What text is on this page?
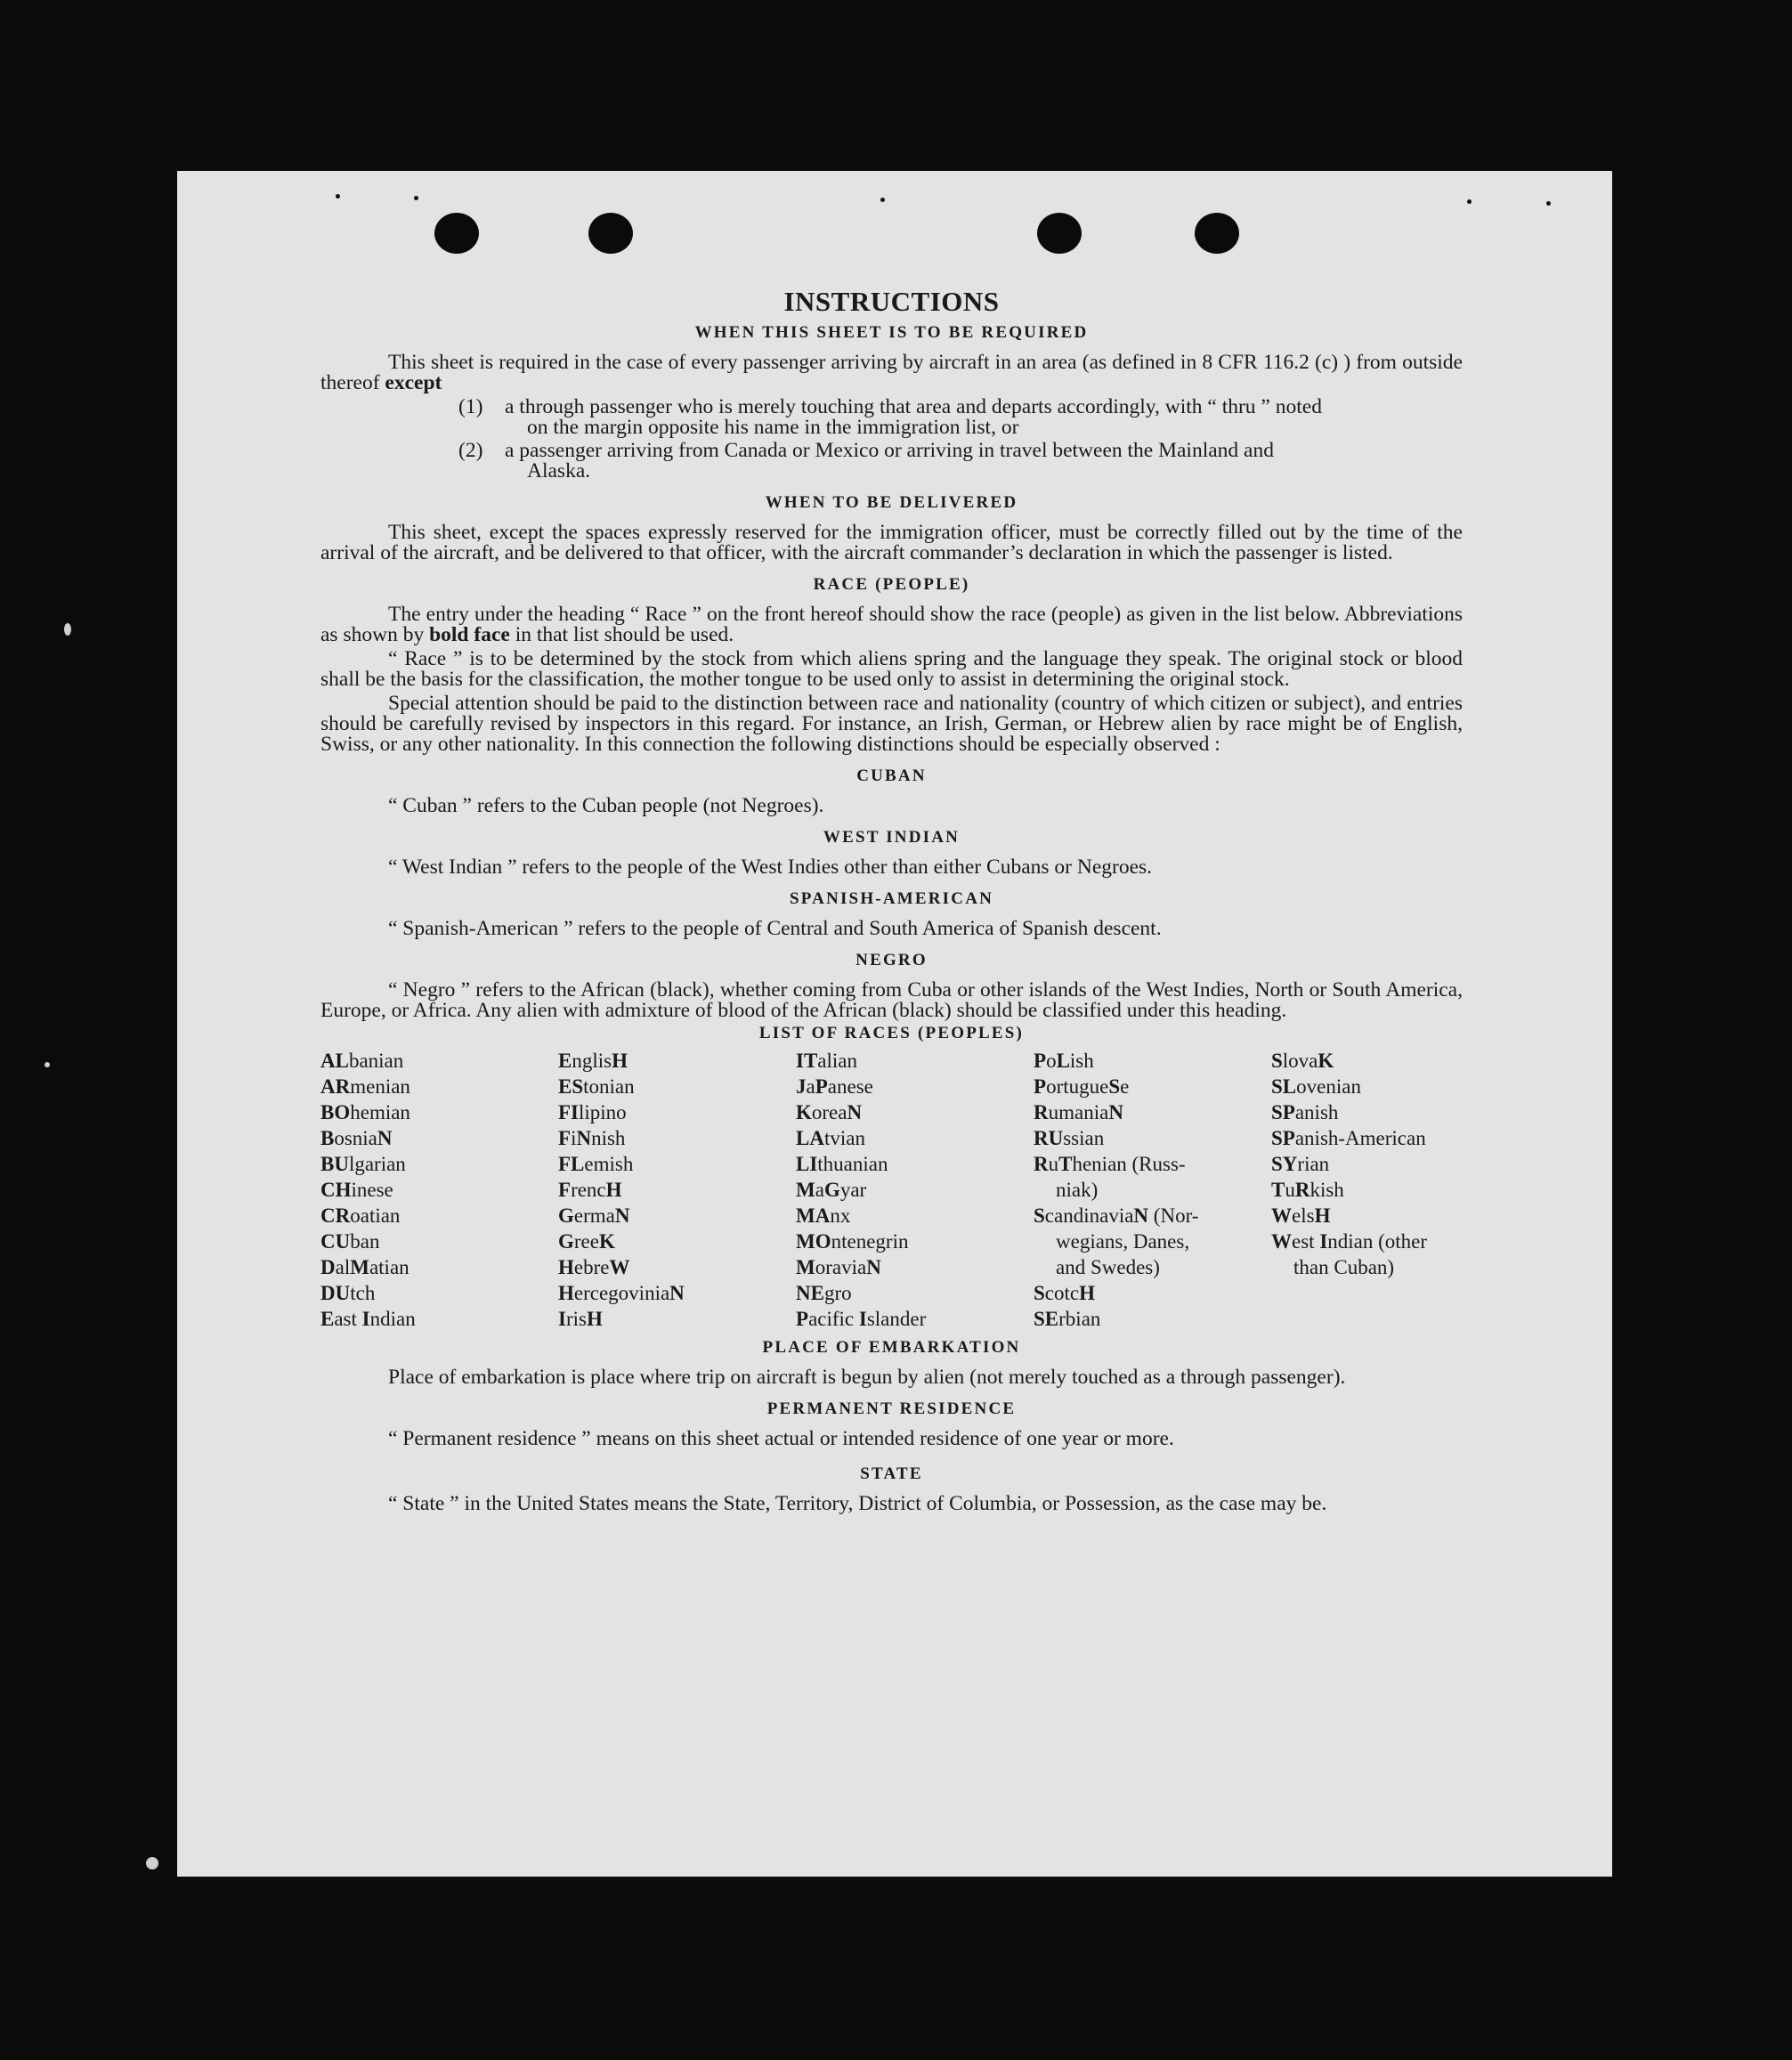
INSTRUCTIONS
WHEN THIS SHEET IS TO BE REQUIRED

This sheet is required in the case of every passenger arriving by aircraft in an area (as defined in 8 CFR 116.2 (c) ) from outside thereof except

(1)	a through passenger who is merely touching that area and departs accordingly, with “ thru ” noted
on the margin opposite his name in the immigration list, or
(2)	a passenger arriving from Canada or Mexico or arriving in travel between the Mainland and
Alaska.
WHEN TO BE DELIVERED

This sheet, except the spaces expressly reserved for the immigration officer, must be correctly filled out by the time of the arrival of the aircraft, and be delivered to that officer, with the aircraft commander’s declaration in which the passenger is listed.

RACE (PEOPLE)

The entry under the heading “ Race ” on the front hereof should show the race (people) as given in the list below. Abbreviations as shown by bold face in that list should be used.

“ Race ” is to be determined by the stock from which aliens spring and the language they speak. The original stock or blood shall be the basis for the classification, the mother tongue to be used only to assist in determining the original stock.

Special attention should be paid to the distinction between race and nationality (country of which citizen or subject), and entries should be carefully revised by inspectors in this regard. For instance, an Irish, German, or Hebrew alien by race might be of English, Swiss, or any other nationality. In this connection the following distinctions should be especially observed :

CUBAN

“ Cuban ” refers to the Cuban people (not Negroes).

WEST INDIAN

“ West Indian ” refers to the people of the West Indies other than either Cubans or Negroes.

SPANISH-AMERICAN

“ Spanish-American ” refers to the people of Central and South America of Spanish descent.

NEGRO

“ Negro ” refers to the African (black), whether coming from Cuba or other islands of the West Indies, North or South America, Europe, or Africa. Any alien with admixture of blood of the African (black) should be classified under this heading.

LIST OF RACES (PEOPLES)
ALbanian
ARmenian
BOhemian
BosniaN
BUlgarian
CHinese
CRoatian
CUban
DalMatian
DUtch
East Indian
EnglisH
EStonian
FIlipino
FiNnish
FLemish
FrencH
GermaN
GreeK
HebreW
HercegoviniaN
IrisH
ITalian
JaPanese
KoreaN
LAtvian
LIthuanian
MaGyar
MAnx
MOntenegrin
MoraviaN
NEgro
Pacific Islander
PoLish
PortugueSe
RumaniaN
RUssian
RuThenian (Russ-
niak)
ScandinaviaN (Nor-
wegians, Danes,
and Swedes)
ScotcH
SErbian
SlovaK
SLovenian
SPanish
SPanish-American
SYrian
TuRkish
WelsH
West Indian (other
than Cuban)
PLACE OF EMBARKATION

Place of embarkation is place where trip on aircraft is begun by alien (not merely touched as a through passenger).

PERMANENT RESIDENCE

“ Permanent residence ” means on this sheet actual or intended residence of one year or more.

STATE

“ State ” in the United States means the State, Territory, District of Columbia, or Possession, as the case may be.
